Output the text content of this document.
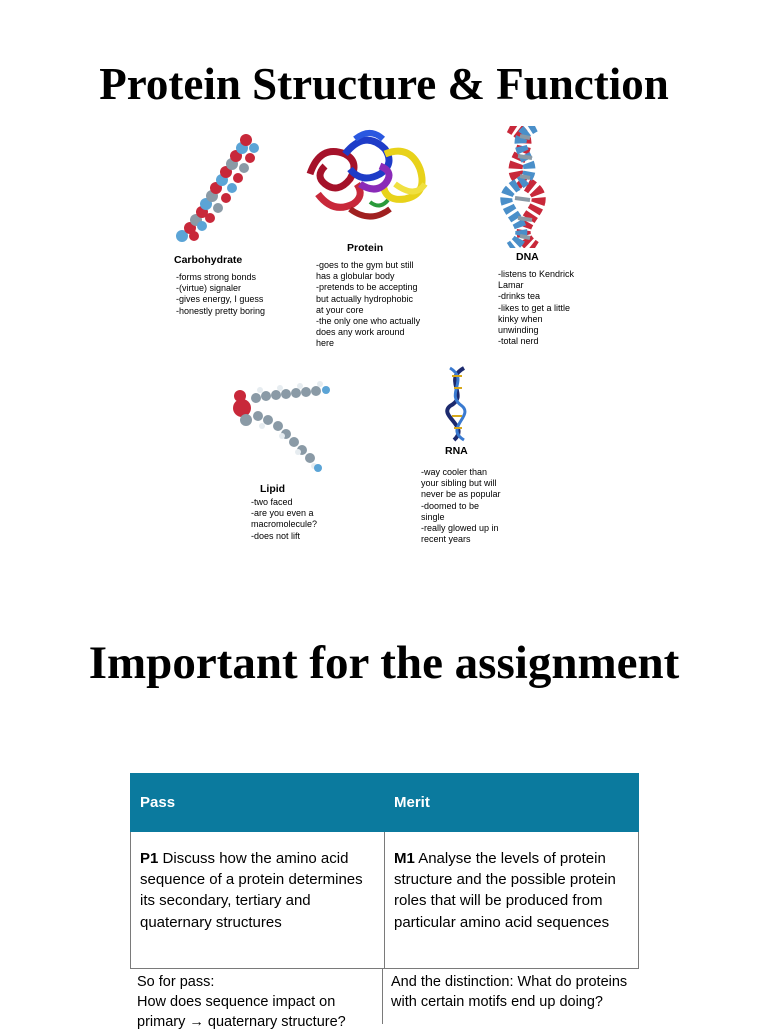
Protein Structure & Function
Carbohydrate
-forms strong bonds
-(virtue) signaler
-gives energy, I guess
-honestly pretty boring
Protein
-goes to the gym but still
has a globular body
-pretends to be accepting
but actually hydrophobic
at your core
-the only one who actually
does any work around
here
DNA
-listens to Kendrick
Lamar
-drinks tea
-likes to get a little
kinky when
unwinding
-total nerd
Lipid
-two faced
-are you even a
macromolecule?
-does not lift
RNA
-way cooler than
your sibling but will
never be as popular
-doomed to be
single
-really glowed up in
recent years
Important for the assignment
Pass	Merit
P1 Discuss how the amino acid sequence of a protein determines its secondary, tertiary and quaternary structures	M1 Analyse the levels of protein structure and the possible protein roles that will be produced from particular amino acid sequences
So for pass:
How does sequence impact on
primary → quaternary structure?
And the distinction: What do proteins with certain motifs end up doing?
